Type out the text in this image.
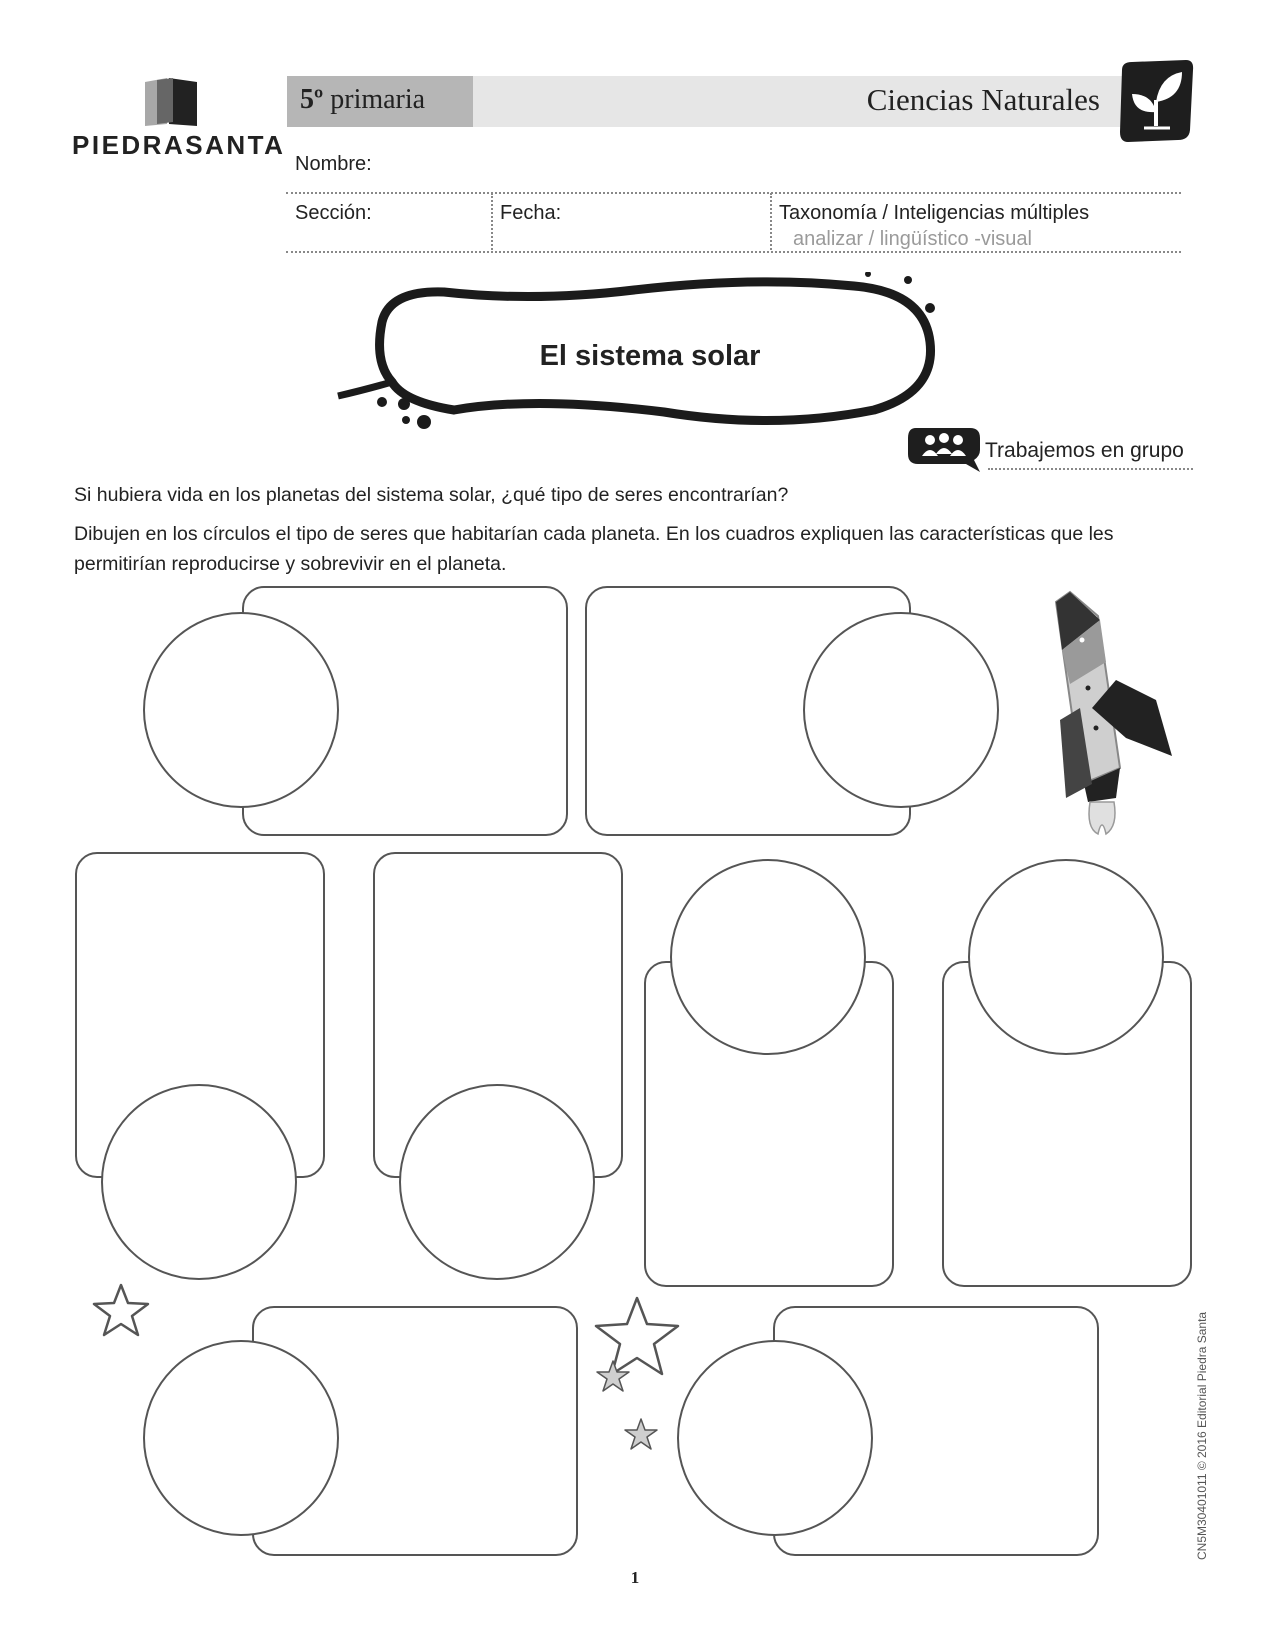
PIEDRASANTA
5º primaria	Ciencias Naturales
Nombre:
Sección:	Fecha:	Taxonomía / Inteligencias múltiples
analizar / lingüístico -visual
El sistema solar
Trabajemos en grupo
Si hubiera vida en los planetas del sistema solar, ¿qué tipo de seres encontrarían?
Dibujen en los círculos el tipo de seres que habitarían cada planeta. En los cuadros expliquen las características que les permitirían reproducirse y sobrevivir en el planeta.
1
CN5M30401011 © 2016 Editorial Piedra Santa
